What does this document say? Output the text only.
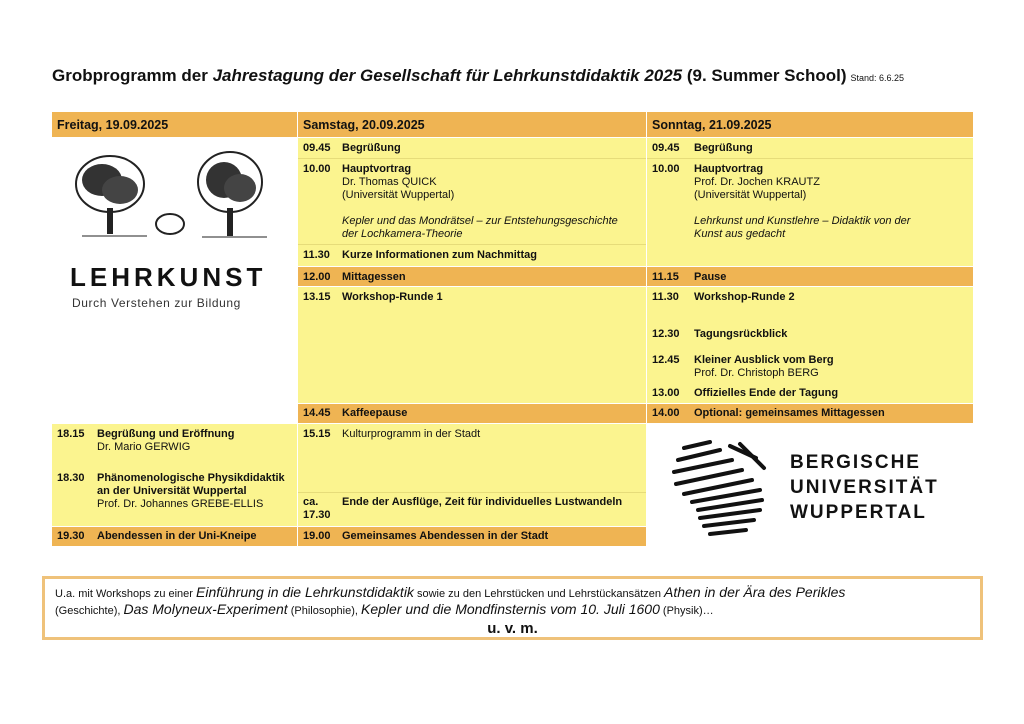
Grobprogramm der Jahrestagung der Gesellschaft für Lehrkunstdidaktik 2025 (9. Summer School) Stand: 6.6.25
Freitag, 19.09.2025	Samstag, 20.09.2025	Sonntag, 21.09.2025
LEHRKUNST
Durch Verstehen zur Bildung
09.45 Begrüßung
10.00 Hauptvortrag
Dr. Thomas QUICK
(Universität Wuppertal)
Kepler und das Mondrätsel – zur Entstehungsgeschichte
der Lochkamera-Theorie
11.30 Kurze Informationen zum Nachmittag
12.00 Mittagessen
13.15 Workshop-Runde 1
14.45 Kaffeepause
15.15 Kulturprogramm in der Stadt
ca.
17.30
Ende der Ausflüge, Zeit für individuelles Lustwandeln
19.00 Gemeinsames Abendessen in der Stadt
09.45 Begrüßung
10.00 Hauptvortrag
Prof. Dr. Jochen KRAUTZ
(Universität Wuppertal)
Lehrkunst und Kunstlehre – Didaktik von der
Kunst aus gedacht
11.15 Pause
11.30 Workshop-Runde 2
12.30 Tagungsrückblick
12.45 Kleiner Ausblick vom Berg
Prof. Dr. Christoph BERG
13.00 Offizielles Ende der Tagung
14.00 Optional: gemeinsames Mittagessen
18.15 Begrüßung und Eröffnung
Dr. Mario GERWIG
18.30 Phänomenologische Physikdidaktik
an der Universität Wuppertal
Prof. Dr. Johannes GREBE-ELLIS
19.30 Abendessen in der Uni-Kneipe
BERGISCHE
UNIVERSITÄT
WUPPERTAL
U.a. mit Workshops zu einer Einführung in die Lehrkunstdidaktik sowie zu den Lehrstücken und Lehrstückansätzen Athen in der Ära des Perikles
(Geschichte), Das Molyneux-Experiment (Philosophie), Kepler und die Mondfinsternis vom 10. Juli 1600 (Physik)…
u. v. m.
